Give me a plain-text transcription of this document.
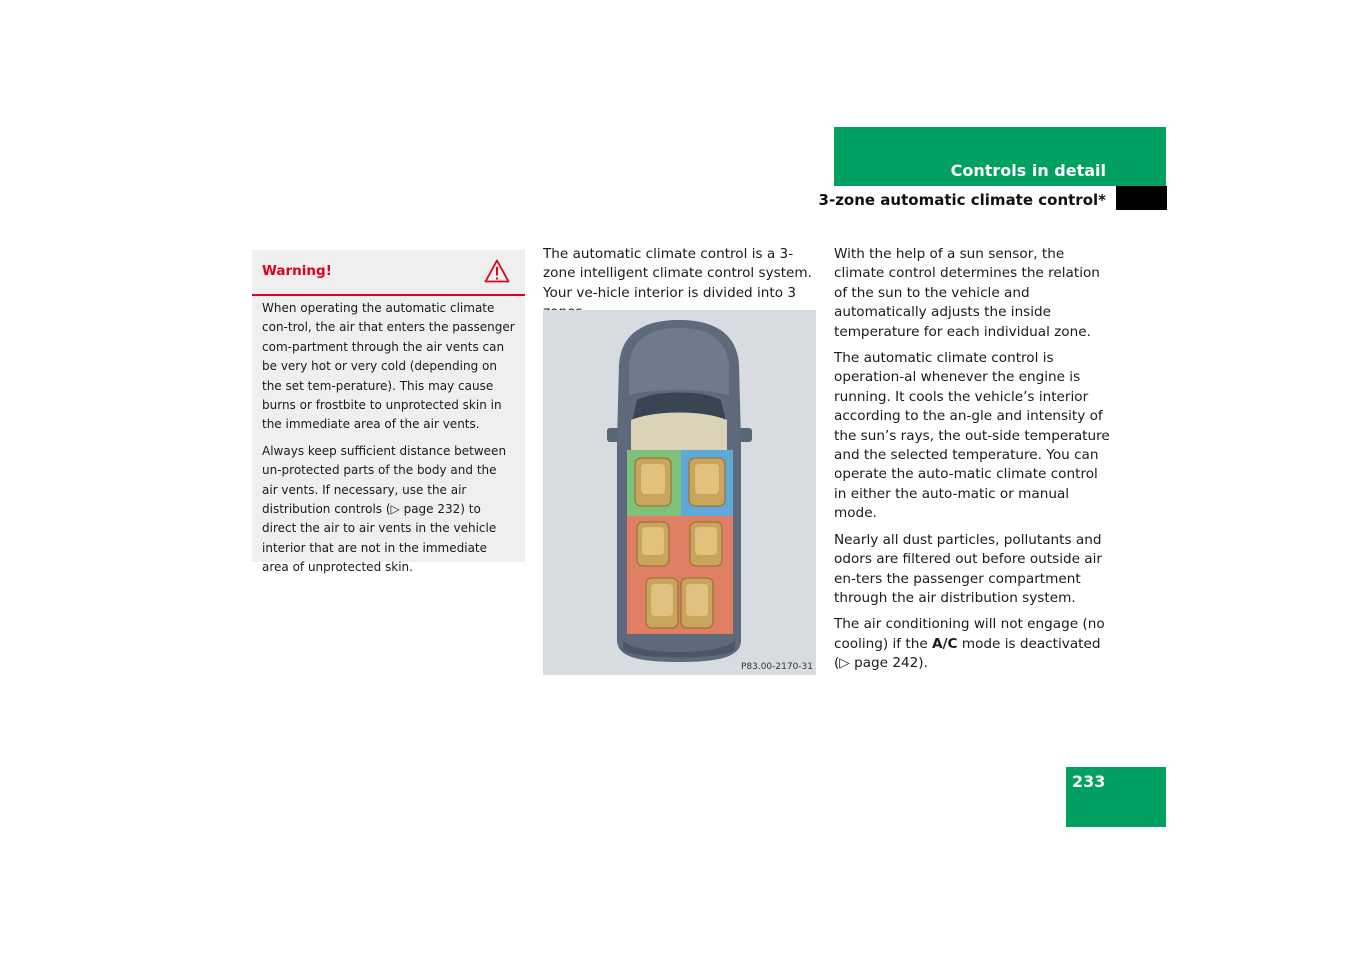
Controls in detail
3-zone automatic climate control*
Warning!

When operating the automatic climate con-trol, the air that enters the passenger com-partment through the air vents can be very hot or very cold (depending on the set tem-perature). This may cause burns or frostbite to unprotected skin in the immediate area of the air vents.

Always keep sufficient distance between un-protected parts of the body and the air vents. If necessary, use the air distribution controls (▷ page 232) to direct the air to air vents in the vehicle interior that are not in the immediate area of unprotected skin.

The automatic climate control is a 3-zone intelligent climate control system. Your ve-hicle interior is divided into 3

P83.00-2170-31

With the help of a sun sensor, the climate control determines the relation of the sun to the vehicle and automatically adjusts the inside temperature for each individual zone.

The automatic climate control is operation-al whenever the engine is running. It cools the vehicle’s interior according to the an-gle and intensity of the sun’s rays, the out-side temperature and the selected temperature. You can operate the auto-matic climate control in either the auto-matic or manual mode.

Nearly all dust particles, pollutants and odors are filtered out before outside air en-ters the passenger compartment through the air distribution system.

The air conditioning will not engage (no cooling) if the A/C mode is deactivated (▷ page 242).

233
